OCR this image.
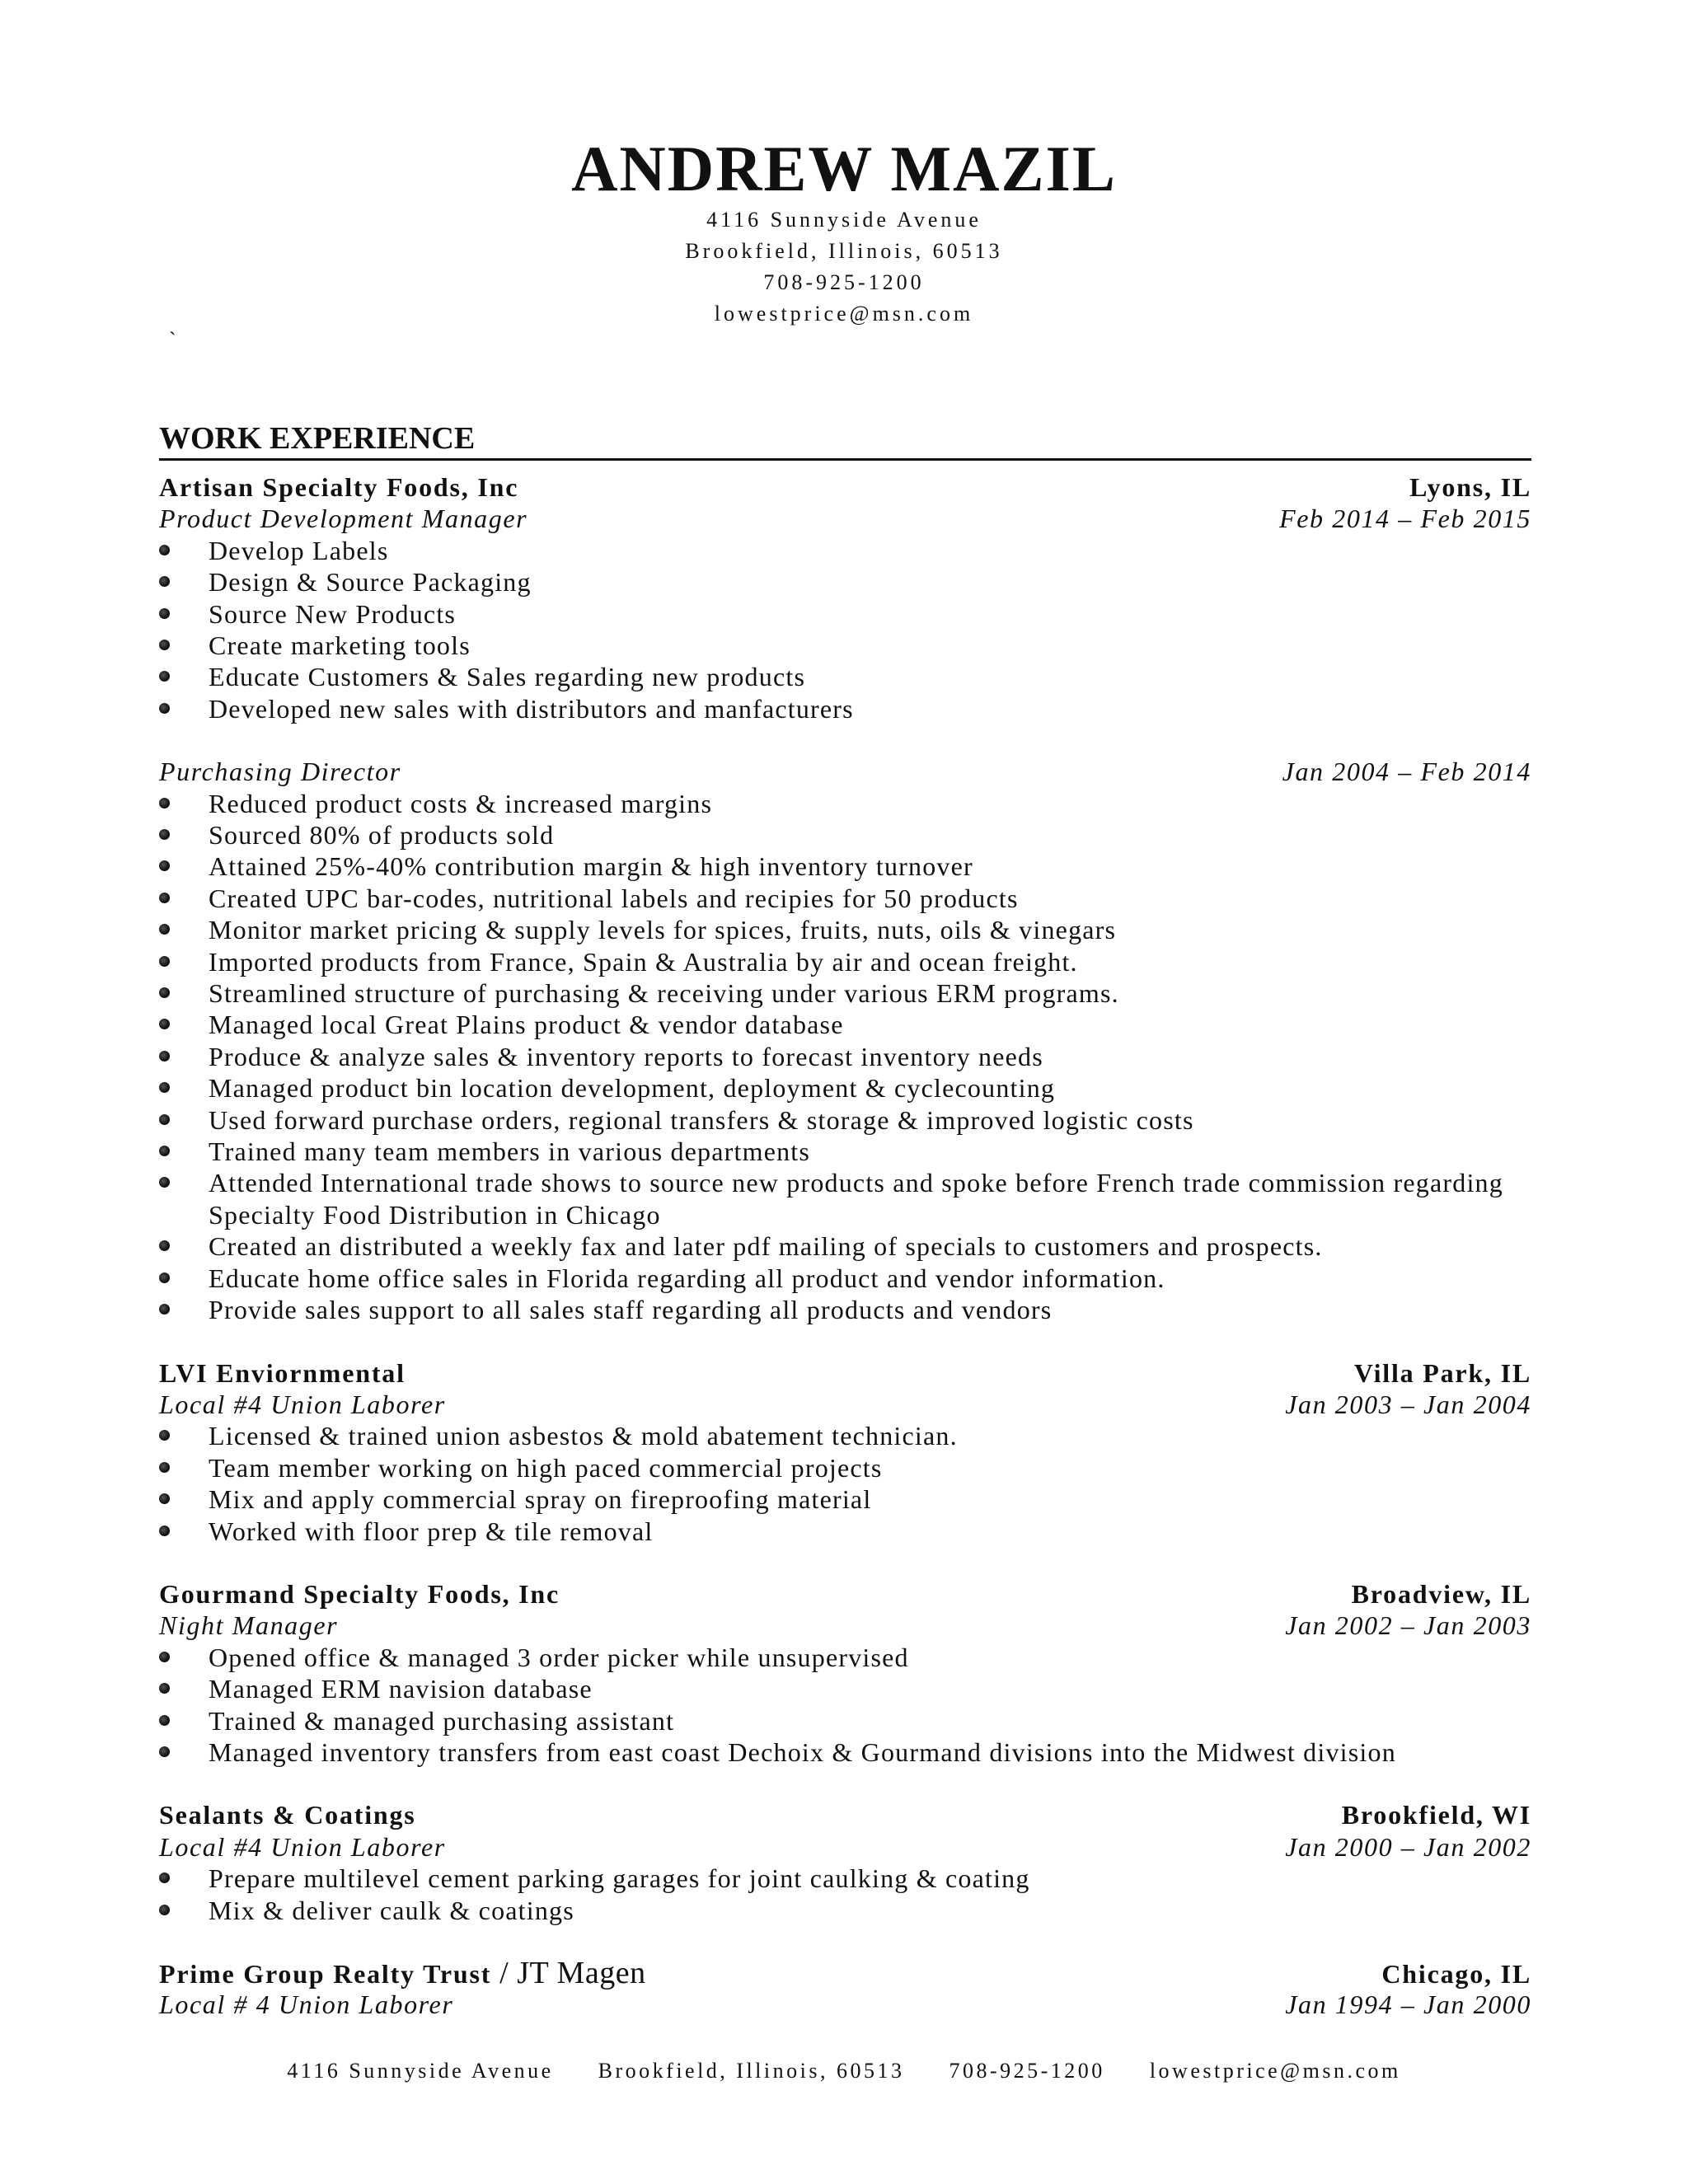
ANDREW MAZIL
4116 Sunnyside Avenue
Brookfield, Illinois, 60513
708-925-1200
lowestprice@msn.com
`
WORK EXPERIENCE
Artisan Specialty Foods, Inc	Lyons, IL
Product Development Manager	Feb 2014 – Feb 2015
Develop Labels
Design & Source Packaging
Source New Products
Create marketing tools
Educate Customers & Sales regarding new products
Developed new sales with distributors and manfacturers
Purchasing Director	Jan 2004 – Feb 2014
Reduced product costs & increased margins
Sourced 80% of products sold
Attained 25%-40% contribution margin & high inventory turnover
Created UPC bar-codes, nutritional labels and recipies for 50 products
Monitor market pricing & supply levels for spices, fruits, nuts, oils & vinegars
Imported products from France, Spain & Australia by air and ocean freight.
Streamlined structure of purchasing & receiving under various ERM programs.
Managed local Great Plains product & vendor database
Produce & analyze sales & inventory reports to forecast inventory needs
Managed product bin location development, deployment & cyclecounting
Used forward purchase orders, regional transfers & storage & improved logistic costs
Trained many team members in various departments
Attended International trade shows to source new products and spoke before French trade commission regarding Specialty Food Distribution in Chicago
Created an distributed a weekly fax and later pdf mailing of specials to customers and prospects.
Educate home office sales in Florida regarding all product and vendor information.
Provide sales support to all sales staff regarding all products and vendors
LVI Enviornmental	Villa Park, IL
Local #4 Union Laborer	Jan 2003 – Jan 2004
Licensed & trained union asbestos & mold abatement technician.
Team member working on high paced commercial projects
Mix and apply commercial spray on fireproofing material
Worked with floor prep & tile removal
Gourmand Specialty Foods, Inc	Broadview, IL
Night Manager	Jan 2002 – Jan 2003
Opened office & managed 3 order picker while unsupervised
Managed ERM navision database
Trained & managed purchasing assistant
Managed inventory transfers from east coast Dechoix & Gourmand divisions into the Midwest division
Sealants & Coatings	Brookfield, WI
Local #4 Union Laborer	Jan 2000 – Jan 2002
Prepare multilevel cement parking garages for joint caulking & coating
Mix & deliver caulk & coatings
Prime Group Realty Trust / JT Magen	Chicago, IL
Local # 4 Union Laborer	Jan 1994 – Jan 2000
4116 Sunnyside Avenue Brookfield, Illinois, 60513 708-925-1200 lowestprice@msn.com
